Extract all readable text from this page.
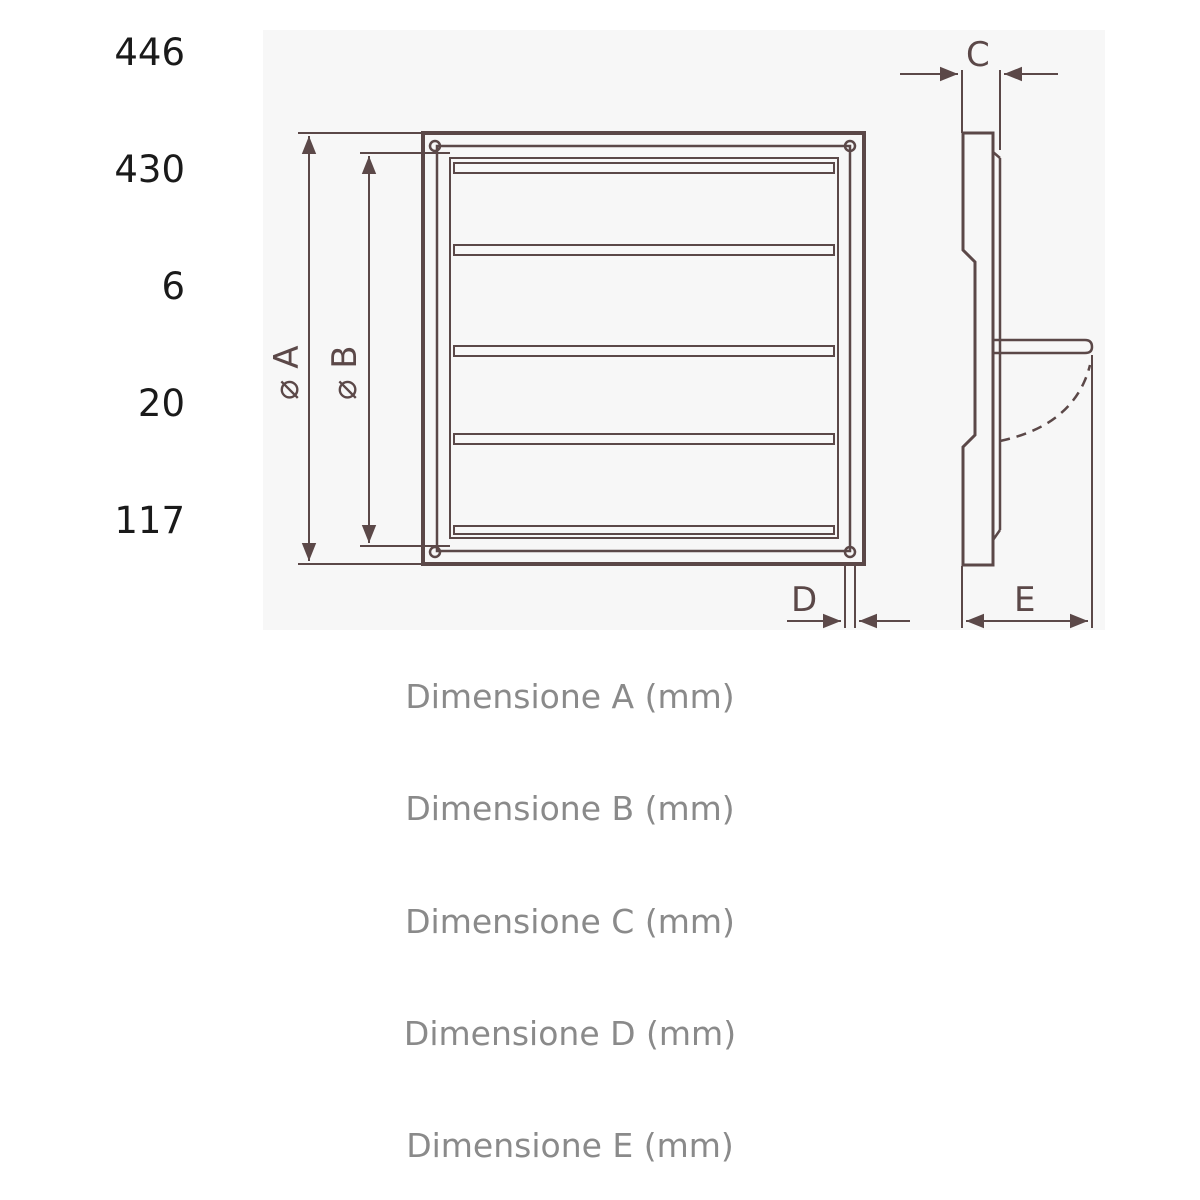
446
430
6
20
117
⌀ A ⌀ B
C
D	E
Dimensione A (mm)
Dimensione B (mm)
Dimensione C (mm)
Dimensione D (mm)
Dimensione E (mm)
